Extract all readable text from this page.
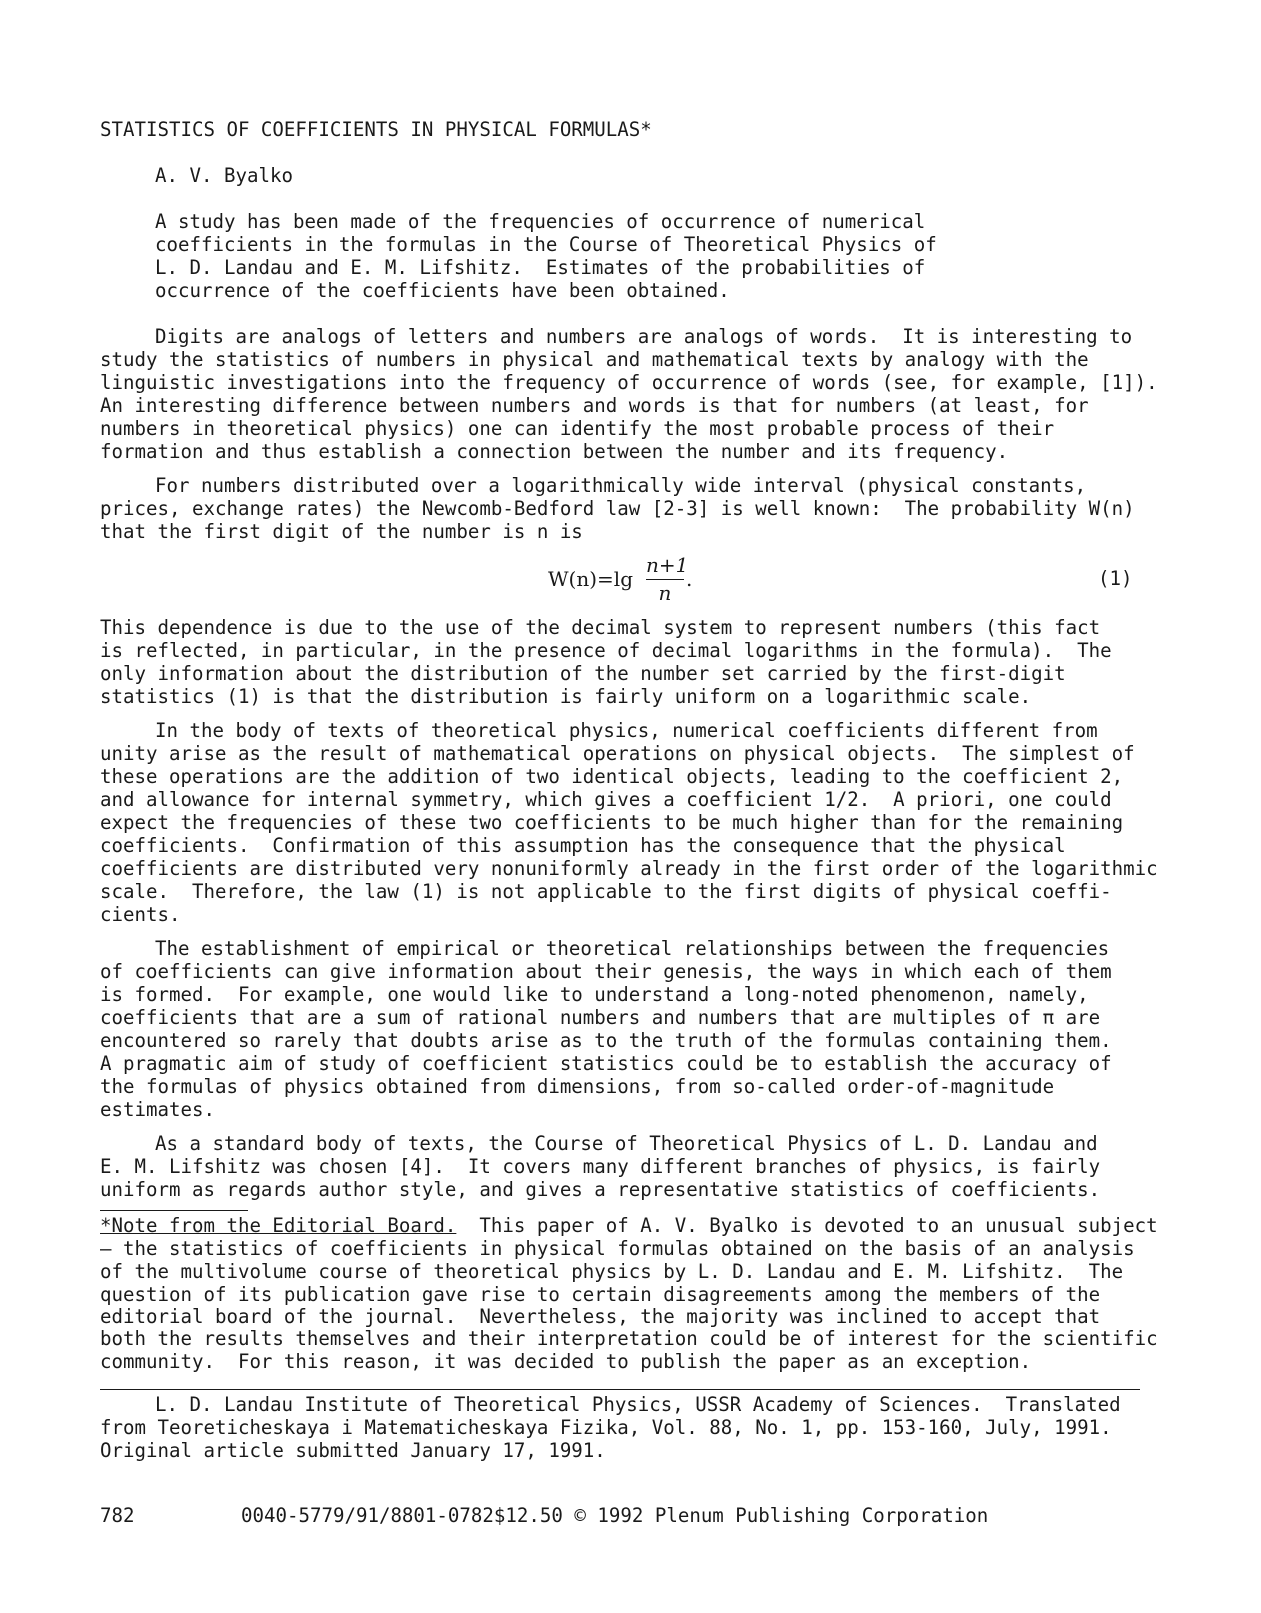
STATISTICS OF COEFFICIENTS IN PHYSICAL FORMULAS*
A. V. Byalko
A study has been made of the frequencies of occurrence of numerical
coefficients in the formulas in the Course of Theoretical Physics of
L. D. Landau and E. M. Lifshitz.  Estimates of the probabilities of
occurrence of the coefficients have been obtained.
Digits are analogs of letters and numbers are analogs of words.  It is interesting to
study the statistics of numbers in physical and mathematical texts by analogy with the
linguistic investigations into the frequency of occurrence of words (see, for example, [1]).
An interesting difference between numbers and words is that for numbers (at least, for
numbers in theoretical physics) one can identify the most probable process of their
formation and thus establish a connection between the number and its frequency.
For numbers distributed over a logarithmically wide interval (physical constants,
prices, exchange rates) the Newcomb-Bedford law [2-3] is well known:  The probability W(n)
that the first digit of the number is n is
W(n)=lg
n+1
n
.	(1)
This dependence is due to the use of the decimal system to represent numbers (this fact
is reflected, in particular, in the presence of decimal logarithms in the formula).  The
only information about the distribution of the number set carried by the first-digit
statistics (1) is that the distribution is fairly uniform on a logarithmic scale.
In the body of texts of theoretical physics, numerical coefficients different from
unity arise as the result of mathematical operations on physical objects.  The simplest of
these operations are the addition of two identical objects, leading to the coefficient 2,
and allowance for internal symmetry, which gives a coefficient 1/2.  A priori, one could
expect the frequencies of these two coefficients to be much higher than for the remaining
coefficients.  Confirmation of this assumption has the consequence that the physical
coefficients are distributed very nonuniformly already in the first order of the logarithmic
scale.  Therefore, the law (1) is not applicable to the first digits of physical coeffi-
cients.
The establishment of empirical or theoretical relationships between the frequencies
of coefficients can give information about their genesis, the ways in which each of them
is formed.  For example, one would like to understand a long-noted phenomenon, namely,
coefficients that are a sum of rational numbers and numbers that are multiples of π are
encountered so rarely that doubts arise as to the truth of the formulas containing them.
A pragmatic aim of study of coefficient statistics could be to establish the accuracy of
the formulas of physics obtained from dimensions, from so-called order-of-magnitude
estimates.
As a standard body of texts, the Course of Theoretical Physics of L. D. Landau and
E. M. Lifshitz was chosen [4].  It covers many different branches of physics, is fairly
uniform as regards author style, and gives a representative statistics of coefficients.
*Note from the Editorial Board.  This paper of A. V. Byalko is devoted to an unusual subject
— the statistics of coefficients in physical formulas obtained on the basis of an analysis
of the multivolume course of theoretical physics by L. D. Landau and E. M. Lifshitz.  The
question of its publication gave rise to certain disagreements among the members of the
editorial board of the journal.  Nevertheless, the majority was inclined to accept that
both the results themselves and their interpretation could be of interest for the scientific
community.  For this reason, it was decided to publish the paper as an exception.
L. D. Landau Institute of Theoretical Physics, USSR Academy of Sciences.  Translated
from Teoreticheskaya i Matematicheskaya Fizika, Vol. 88, No. 1, pp. 153-160, July, 1991.
Original article submitted January 17, 1991.
782	0040-5779/91/8801-0782$12.50 © 1992 Plenum Publishing Corporation
